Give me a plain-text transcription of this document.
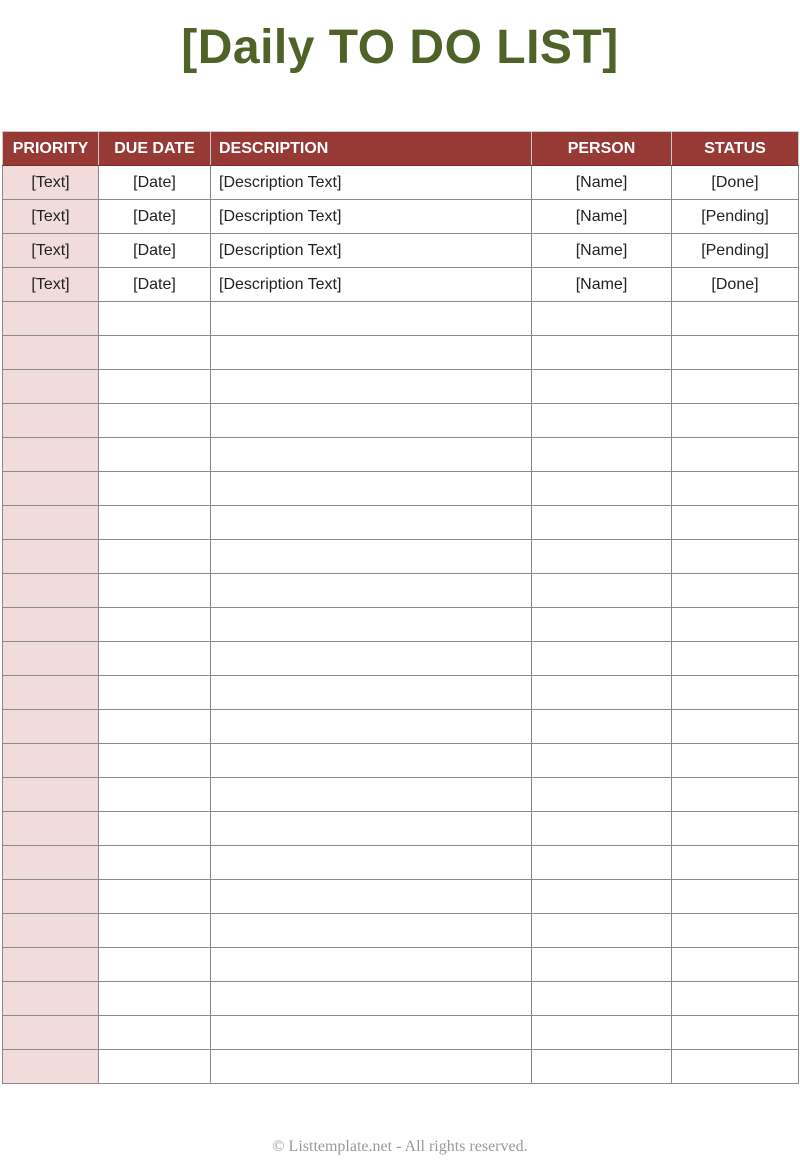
[Daily TO DO LIST]
PRIORITY	DUE DATE	DESCRIPTION	PERSON	STATUS
[Text]	[Date]	[Description Text]	[Name]	[Done]
[Text]	[Date]	[Description Text]	[Name]	[Pending]
[Text]	[Date]	[Description Text]	[Name]	[Pending]
[Text]	[Date]	[Description Text]	[Name]	[Done]

© Listtemplate.net - All rights reserved.
